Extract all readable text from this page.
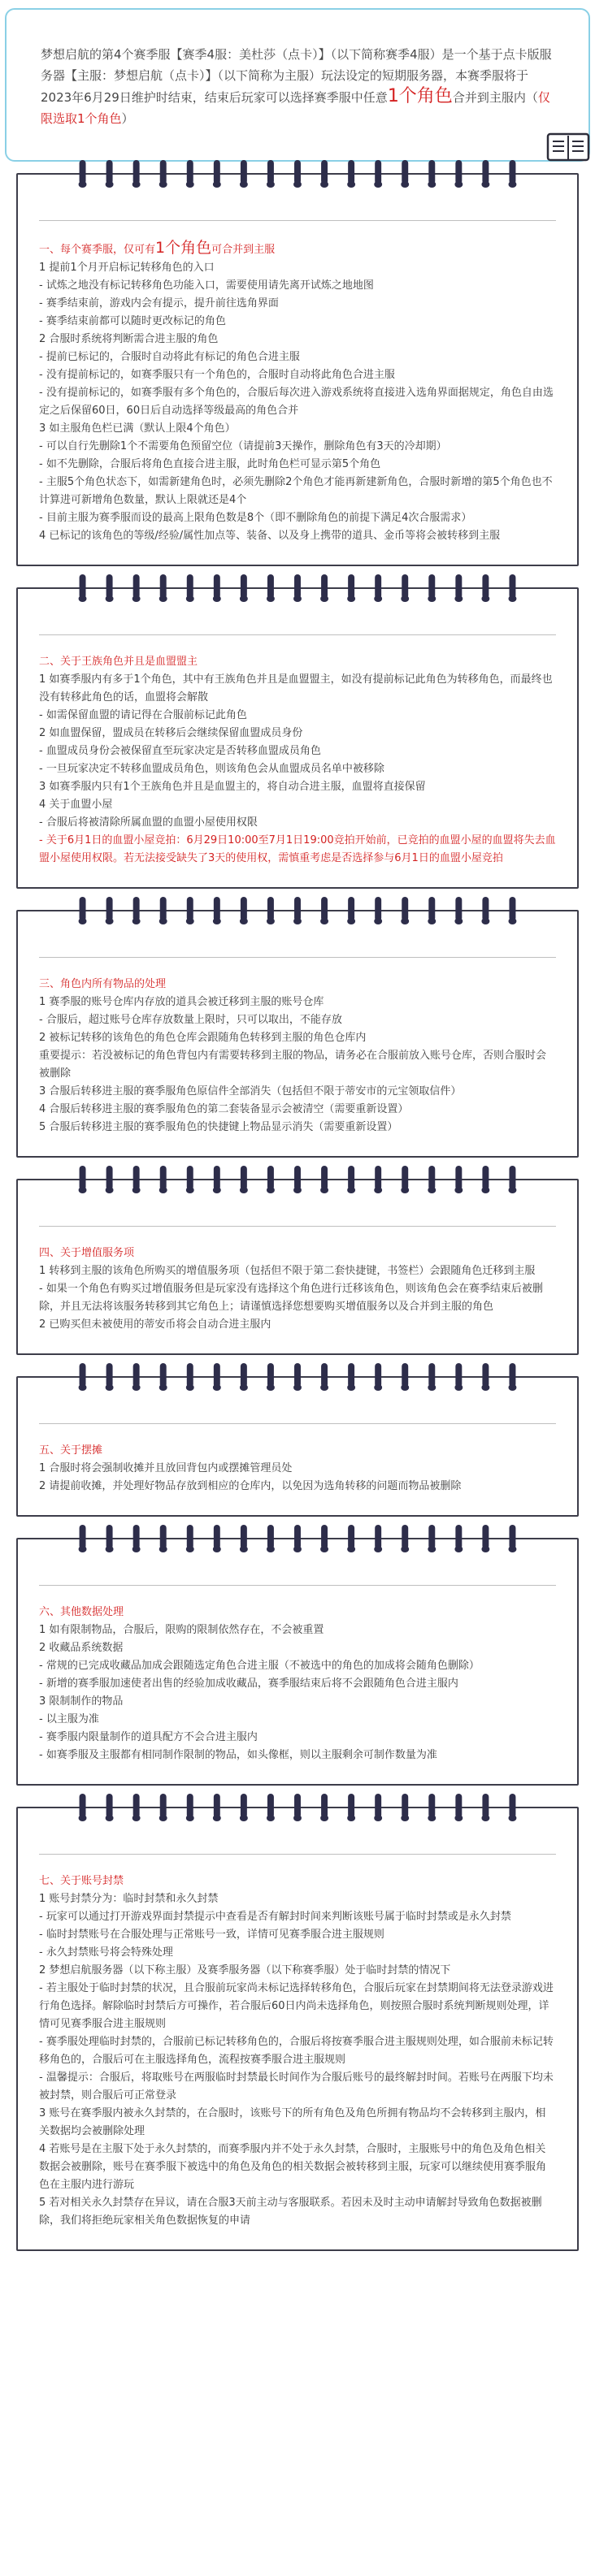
梦想启航的第4个赛季服【赛季4服：美杜莎（点卡）】（以下简称赛季4服）是一个基于点卡版服务器【主服：梦想启航（点卡）】（以下简称为主服）玩法设定的短期服务器，本赛季服将于2023年6月29日维护时结束，结束后玩家可以选择赛季服中任意1个角色合并到主服内（仅限选取1个角色）

一、每个赛季服，仅可有1个角色可合并到主服
1 提前1个月开启标记转移角色的入口
- 试炼之地没有标记转移角色功能入口，需要使用请先离开试炼之地地图
- 赛季结束前，游戏内会有提示，提升前往选角界面
- 赛季结束前都可以随时更改标记的角色
2 合服时系统将判断需合进主服的角色
- 提前已标记的，合服时自动将此有标记的角色合进主服
- 没有提前标记的，如赛季服只有一个角色的，合服时自动将此角色合进主服
- 没有提前标记的，如赛季服有多个角色的，合服后每次进入游戏系统将直接进入选角界面据规定，角色自由选定之后保留60日，60日后自动选择等级最高的角色合并
3 如主服角色栏已满（默认上限4个角色）
- 可以自行先删除1个不需要角色预留空位（请提前3天操作，删除角色有3天的冷却期）
- 如不先删除，合服后将角色直接合进主服，此时角色栏可显示第5个角色
- 主服5个角色状态下，如需新建角色时，必须先删除2个角色才能再新建新角色，合服时新增的第5个角色也不计算进可新增角色数量，默认上限就还是4个
- 目前主服为赛季服而设的最高上限角色数是8个（即不删除角色的前提下满足4次合服需求）
4 已标记的该角色的等级/经验/属性加点等、装备、以及身上携带的道具、金币等将会被转移到主服
二、关于王族角色并且是血盟盟主
1 如赛季服内有多于1个角色，其中有王族角色并且是血盟盟主，如没有提前标记此角色为转移角色，而最终也没有转移此角色的话，血盟将会解散
- 如需保留血盟的请记得在合服前标记此角色
2 如血盟保留，盟成员在转移后会继续保留血盟成员身份
- 血盟成员身份会被保留直至玩家决定是否转移血盟成员角色
- 一旦玩家决定不转移血盟成员角色，则该角色会从血盟成员名单中被移除
3 如赛季服内只有1个王族角色并且是血盟主的，将自动合进主服，血盟将直接保留
4 关于血盟小屋
- 合服后将被清除所属血盟的血盟小屋使用权限
- 关于6月1日的血盟小屋竞拍：6月29日10:00至7月1日19:00竞拍开始前，已竞拍的血盟小屋的血盟将失去血盟小屋使用权限。若无法接受缺失了3天的使用权，需慎重考虑是否选择参与6月1日的血盟小屋竞拍
三、角色内所有物品的处理
1 赛季服的账号仓库内存放的道具会被迁移到主服的账号仓库
- 合服后，超过账号仓库存放数量上限时，只可以取出，不能存放
2 被标记转移的该角色的角色仓库会跟随角色转移到主服的角色仓库内
重要提示：若没被标记的角色背包内有需要转移到主服的物品，请务必在合服前放入账号仓库，否则合服时会被删除
3 合服后转移进主服的赛季服角色原信件全部消失（包括但不限于蒂安市的元宝领取信件）
4 合服后转移进主服的赛季服角色的第二套装备显示会被清空（需要重新设置）
5 合服后转移进主服的赛季服角色的快捷键上物品显示消失（需要重新设置）
四、关于增值服务项
1 转移到主服的该角色所购买的增值服务项（包括但不限于第二套快捷键，书签栏）会跟随角色迁移到主服
- 如果一个角色有购买过增值服务但是玩家没有选择这个角色进行迁移该角色，则该角色会在赛季结束后被删除，并且无法将该服务转移到其它角色上；请谨慎选择您想要购买增值服务以及合并到主服的角色
2 已购买但未被使用的蒂安币将会自动合进主服内
五、关于摆摊
1 合服时将会强制收摊并且放回背包内或摆摊管理员处
2 请提前收摊，并处理好物品存放到相应的仓库内，以免因为选角转移的问题而物品被删除
六、其他数据处理
1 如有限制物品，合服后，限购的限制依然存在，不会被重置
2 收藏品系统数据
- 常规的已完成收藏品加成会跟随选定角色合进主服（不被选中的角色的加成将会随角色删除）
- 新增的赛季服加速使者出售的经验加成收藏品，赛季服结束后将不会跟随角色合进主服内
3 限制制作的物品
- 以主服为准
- 赛季服内限量制作的道具配方不会合进主服内
- 如赛季服及主服都有相同制作限制的物品，如头像框，则以主服剩余可制作数量为准
七、关于账号封禁
1 账号封禁分为：临时封禁和永久封禁
- 玩家可以通过打开游戏界面封禁提示中查看是否有解封时间来判断该账号属于临时封禁或是永久封禁
- 临时封禁账号在合服处理与正常账号一致，详情可见赛季服合进主服规则
- 永久封禁账号将会特殊处理
2 梦想启航服务器（以下称主服）及赛季服务器（以下称赛季服）处于临时封禁的情况下
- 若主服处于临时封禁的状况，且合服前玩家尚未标记选择转移角色，合服后玩家在封禁期间将无法登录游戏进行角色选择。解除临时封禁后方可操作，若合服后60日内尚未选择角色，则按照合服时系统判断规则处理，详情可见赛季服合进主服规则
- 赛季服处理临时封禁的，合服前已标记转移角色的，合服后将按赛季服合进主服规则处理，如合服前未标记转移角色的，合服后可在主服选择角色，流程按赛季服合进主服规则
- 温馨提示：合服后，将取账号在两服临时封禁最长时间作为合服后账号的最终解封时间。若账号在两服下均未被封禁，则合服后可正常登录
3 账号在赛季服内被永久封禁的，在合服时，该账号下的所有角色及角色所拥有物品均不会转移到主服内，相关数据均会被删除处理
4 若账号是在主服下处于永久封禁的，而赛季服内并不处于永久封禁，合服时，主服账号中的角色及角色相关数据会被删除，账号在赛季服下被选中的角色及角色的相关数据会被转移到主服，玩家可以继续使用赛季服角色在主服内进行游玩
5 若对相关永久封禁存在异议，请在合服3天前主动与客服联系。若因未及时主动申请解封导致角色数据被删除，我们将拒绝玩家相关角色数据恢复的申请
